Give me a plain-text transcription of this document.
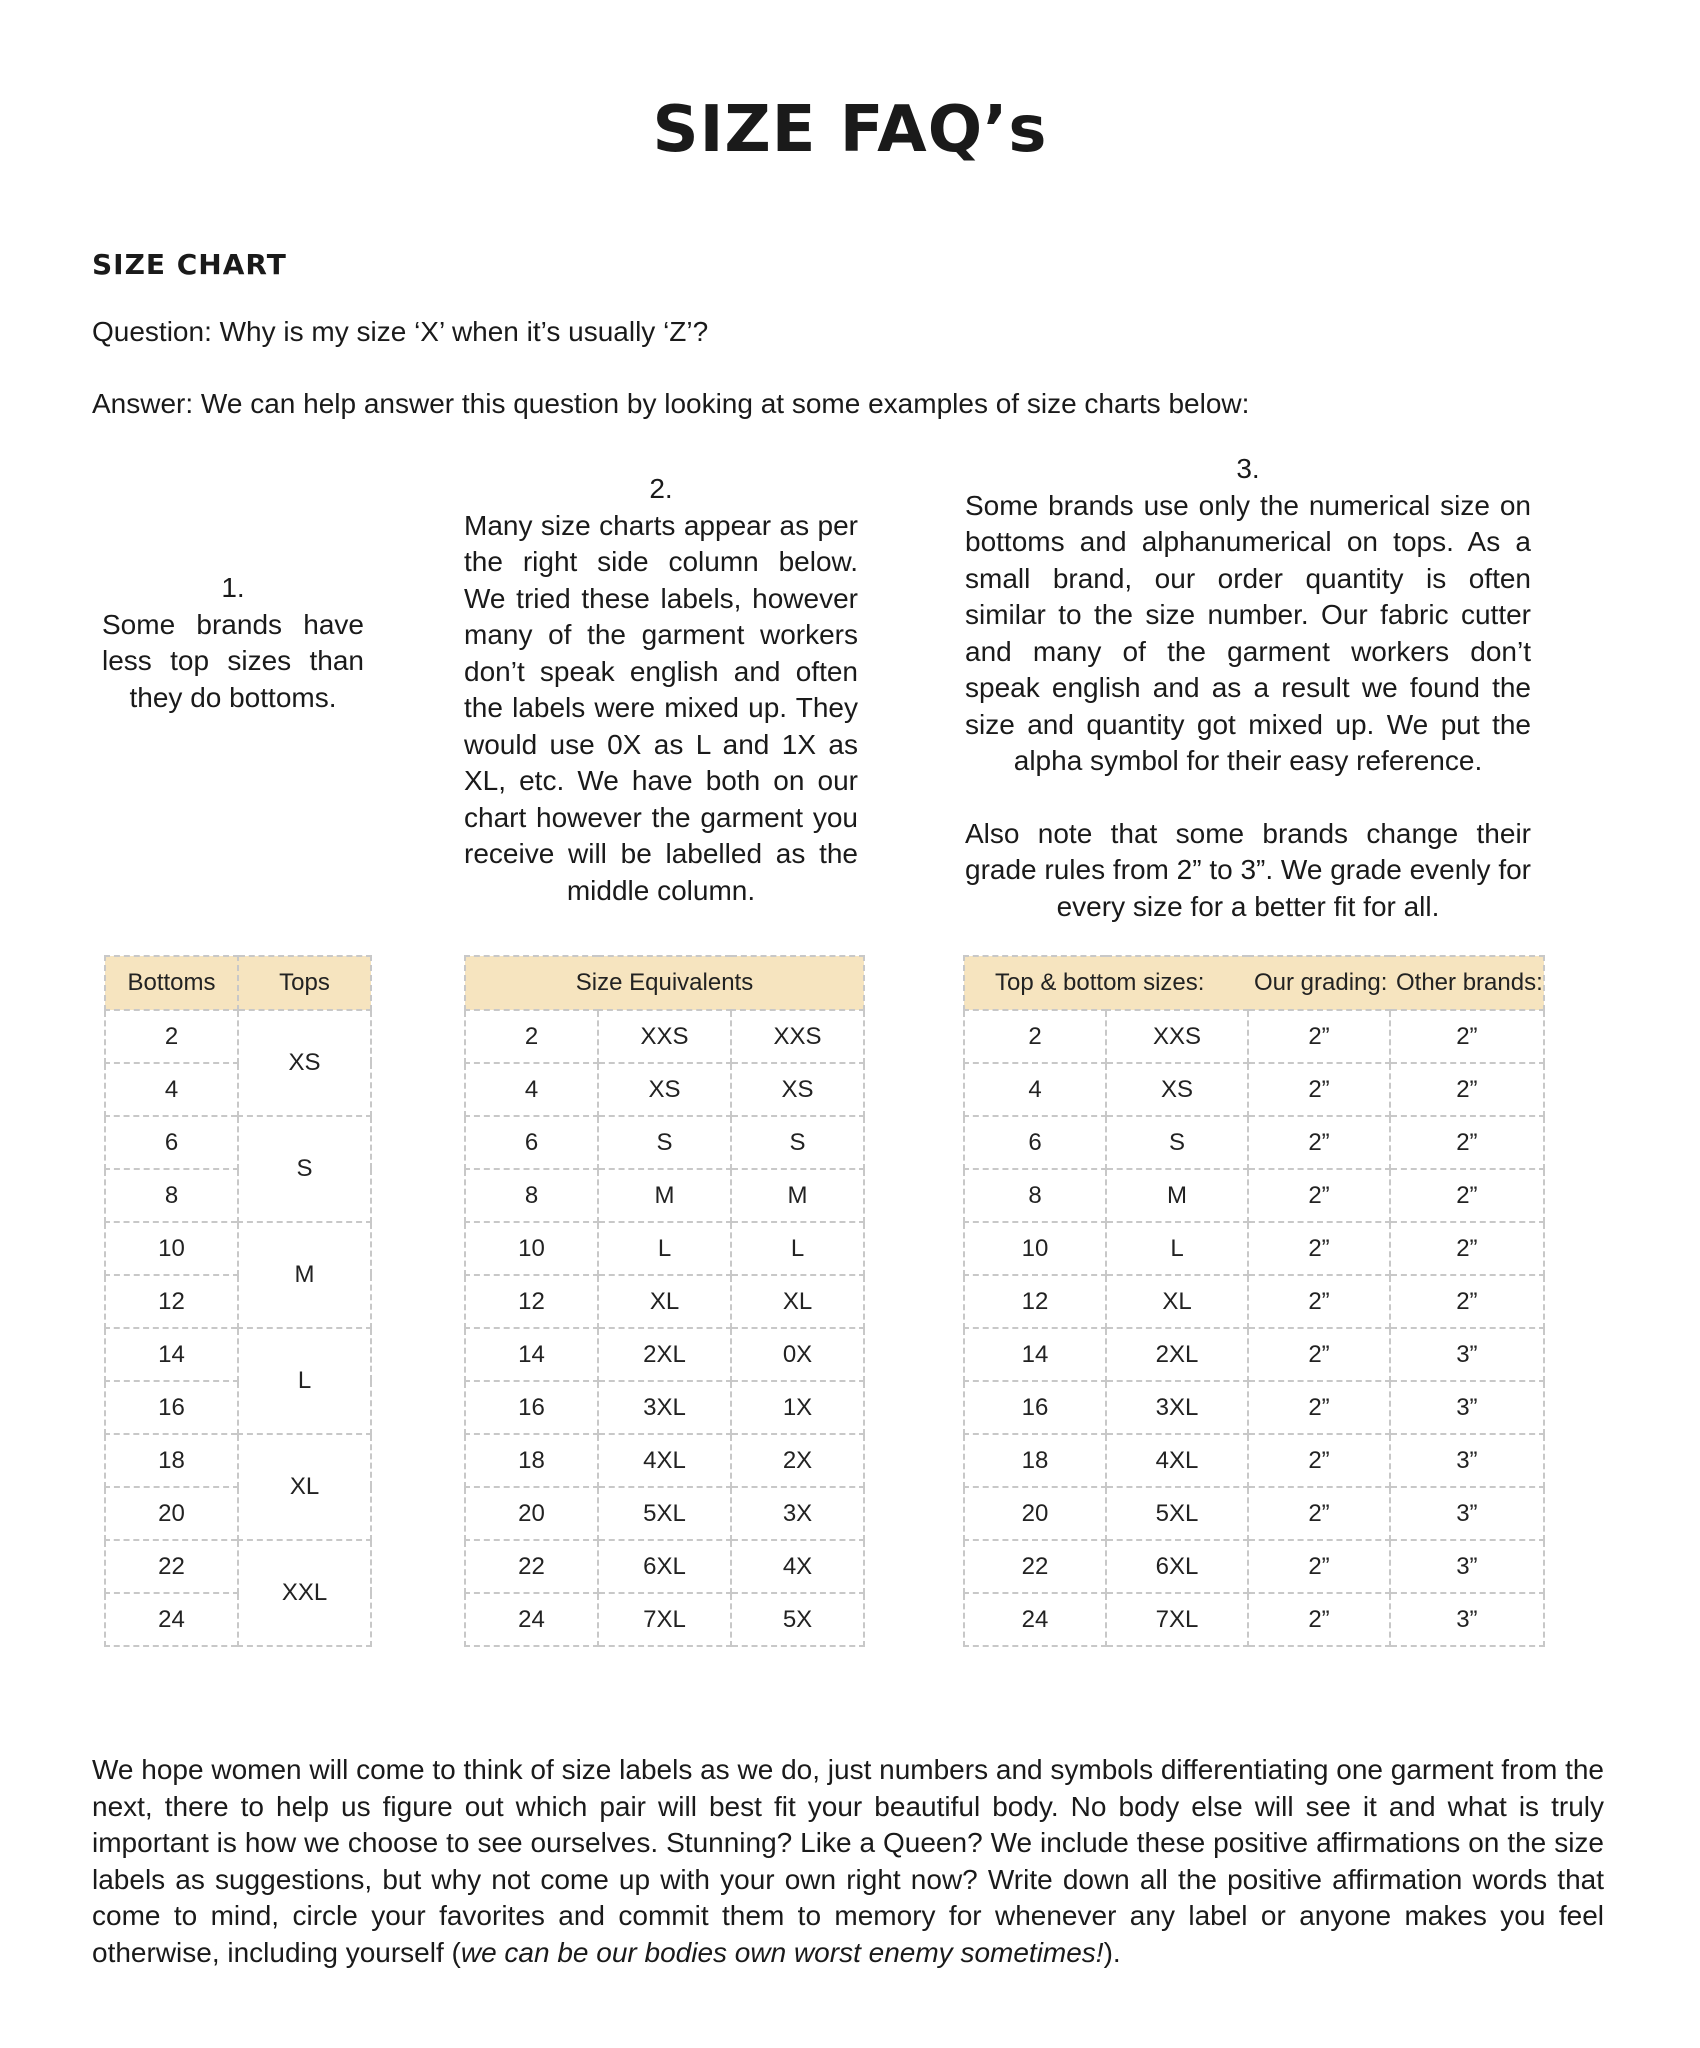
SIZE FAQ’s
SIZE CHART
Question: Why is my size ‘X’ when it’s usually ‘Z’?
Answer: We can help answer this question by looking at some examples of size charts below:
1.
Some brands have less top sizes than they do bottoms.
2.
Many size charts appear as per the right side column below. We tried these labels, however many of the garment workers don’t speak english and often the labels were mixed up. They would use 0X as L and 1X as XL, etc. We have both on our chart however the garment you receive will be labelled as the middle column.
3.
Some brands use only the numerical size on bottoms and alphanumerical on tops. As a small brand, our order quantity is often similar to the size number. Our fabric cutter and many of the garment workers don’t speak english and as a result we found the size and quantity got mixed up. We put the alpha symbol for their easy reference.
Also note that some brands change their grade rules from 2” to 3”. We grade evenly for every size for a better fit for all.
Bottoms	Tops
2	XS
4	
6	S
8	
10	M
12	
14	L
16	
18	XL
20	
22	XXL
24	
Size Equivalents		
2	XXS	XXS
4	XS	XS
6	S	S
8	M	M
10	L	L
12	XL	XL
14	2XL	0X
16	3XL	1X
18	4XL	2X
20	5XL	3X
22	6XL	4X
24	7XL	5X
Top & bottom sizes:		Our grading:	Other brands:
2	XXS	2”	2”
4	XS	2”	2”
6	S	2”	2”
8	M	2”	2”
10	L	2”	2”
12	XL	2”	2”
14	2XL	2”	3”
16	3XL	2”	3”
18	4XL	2”	3”
20	5XL	2”	3”
22	6XL	2”	3”
24	7XL	2”	3”
We hope women will come to think of size labels as we do, just numbers and symbols differentiating one garment from the next, there to help us figure out which pair will best fit your beautiful body. No body else will see it and what is truly important is how we choose to see ourselves. Stunning? Like a Queen? We include these positive affirmations on the size labels as suggestions, but why not come up with your own right now? Write down all the positive affirmation words that come to mind, circle your favorites and commit them to memory for whenever any label or anyone makes you feel otherwise, including yourself (we can be our bodies own worst enemy sometimes!).
